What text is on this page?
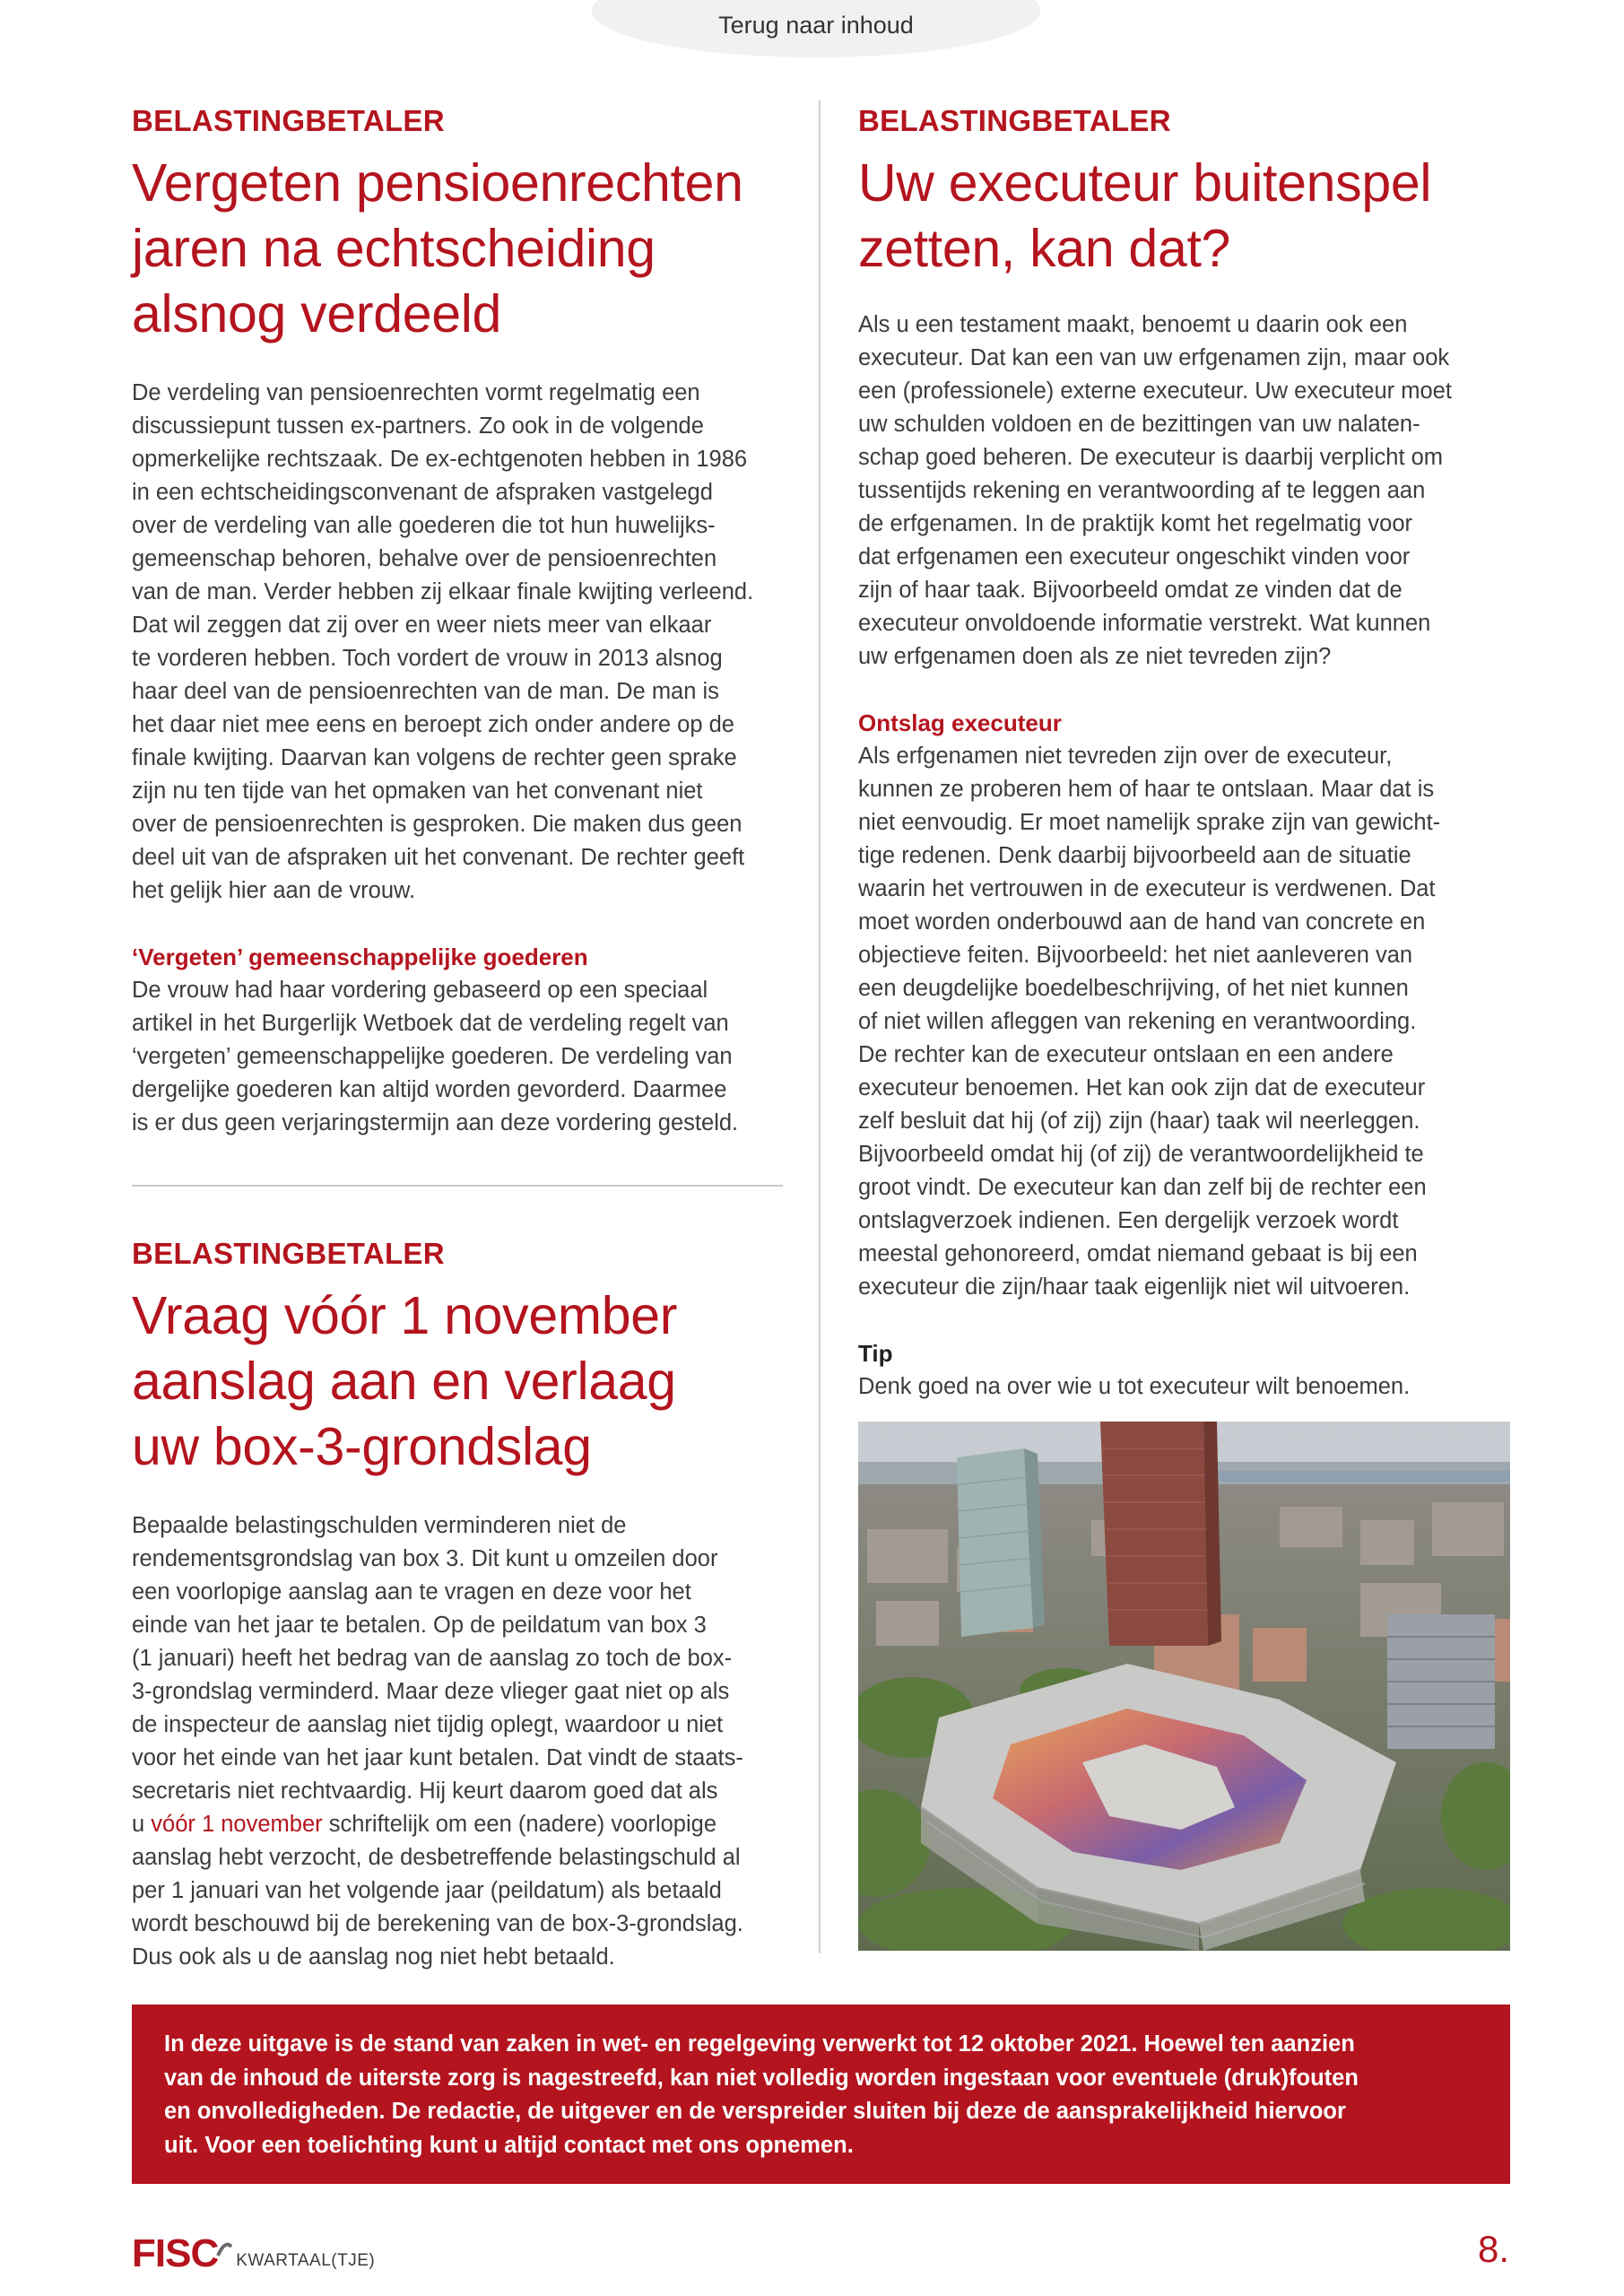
Terug naar inhoud

BELASTINGBETALER

Vergeten pensioenrechten
jaren na echtscheiding
alsnog verdeeld

De verdeling van pensioenrechten vormt regelmatig een
discussiepunt tussen ex-partners. Zo ook in de volgende
opmerkelijke rechtszaak. De ex-echtgenoten hebben in 1986
in een echtscheidingsconvenant de afspraken vastgelegd
over de verdeling van alle goederen die tot hun huwelijks-
gemeenschap behoren, behalve over de pensioenrechten
van de man. Verder hebben zij elkaar finale kwijting verleend.
Dat wil zeggen dat zij over en weer niets meer van elkaar
te vorderen hebben. Toch vordert de vrouw in 2013 alsnog
haar deel van de pensioenrechten van de man. De man is
het daar niet mee eens en beroept zich onder andere op de
finale kwijting. Daarvan kan volgens de rechter geen sprake
zijn nu ten tijde van het opmaken van het convenant niet
over de pensioenrechten is gesproken. Die maken dus geen
deel uit van de afspraken uit het convenant. De rechter geeft
het gelijk hier aan de vrouw.

‘Vergeten’ gemeenschappelijke goederen

De vrouw had haar vordering gebaseerd op een speciaal
artikel in het Burgerlijk Wetboek dat de verdeling regelt van
‘vergeten’ gemeenschappelijke goederen. De verdeling van
dergelijke goederen kan altijd worden gevorderd. Daarmee
is er dus geen verjaringstermijn aan deze vordering gesteld.

BELASTINGBETALER

Vraag vóór 1 november
aanslag aan en verlaag
uw box-3-grondslag

Bepaalde belastingschulden verminderen niet de
rendementsgrondslag van box 3. Dit kunt u omzeilen door
een voorlopige aanslag aan te vragen en deze voor het
einde van het jaar te betalen. Op de peildatum van box 3
(1 januari) heeft het bedrag van de aanslag zo toch de box-
3-grondslag verminderd. Maar deze vlieger gaat niet op als
de inspecteur de aanslag niet tijdig oplegt, waardoor u niet
voor het einde van het jaar kunt betalen. Dat vindt de staats-
secretaris niet rechtvaardig. Hij keurt daarom goed dat als
u vóór 1 november schriftelijk om een (nadere) voorlopige
aanslag hebt verzocht, de desbetreffende belastingschuld al
per 1 januari van het volgende jaar (peildatum) als betaald
wordt beschouwd bij de berekening van de box-3-grondslag.
Dus ook als u de aanslag nog niet hebt betaald.

BELASTINGBETALER

Uw executeur buitenspel
zetten, kan dat?

Als u een testament maakt, benoemt u daarin ook een
executeur. Dat kan een van uw erfgenamen zijn, maar ook
een (professionele) externe executeur. Uw executeur moet
uw schulden voldoen en de bezittingen van uw nalaten-
schap goed beheren. De executeur is daarbij verplicht om
tussentijds rekening en verantwoording af te leggen aan
de erfgenamen. In de praktijk komt het regelmatig voor
dat erfgenamen een executeur ongeschikt vinden voor
zijn of haar taak. Bijvoorbeeld omdat ze vinden dat de
executeur onvoldoende informatie verstrekt. Wat kunnen
uw erfgenamen doen als ze niet tevreden zijn?

Ontslag executeur

Als erfgenamen niet tevreden zijn over de executeur,
kunnen ze proberen hem of haar te ontslaan. Maar dat is
niet eenvoudig. Er moet namelijk sprake zijn van gewicht-
tige redenen. Denk daarbij bijvoorbeeld aan de situatie
waarin het vertrouwen in de executeur is verdwenen. Dat
moet worden onderbouwd aan de hand van concrete en
objectieve feiten. Bijvoorbeeld: het niet aanleveren van
een deugdelijke boedelbeschrijving, of het niet kunnen
of niet willen afleggen van rekening en verantwoording.
De rechter kan de executeur ontslaan en een andere
executeur benoemen. Het kan ook zijn dat de executeur
zelf besluit dat hij (of zij) zijn (haar) taak wil neerleggen.
Bijvoorbeeld omdat hij (of zij) de verantwoordelijkheid te
groot vindt. De executeur kan dan zelf bij de rechter een
ontslagverzoek indienen. Een dergelijk verzoek wordt
meestal gehonoreerd, omdat niemand gebaat is bij een
executeur die zijn/haar taak eigenlijk niet wil uitvoeren.

Tip

Denk goed na over wie u tot executeur wilt benoemen.

In deze uitgave is de stand van zaken in wet- en regelgeving verwerkt tot 12 oktober 2021. Hoewel ten aanzien
van de inhoud de uiterste zorg is nagestreefd, kan niet volledig worden ingestaan voor eventuele (druk)fouten
en onvolledigheden. De redactie, de uitgever en de verspreider sluiten bij deze de aansprakelijkheid hiervoor
uit. Voor een toelichting kunt u altijd contact met ons opnemen.

FISC KWARTAAL(TJE)	8.
